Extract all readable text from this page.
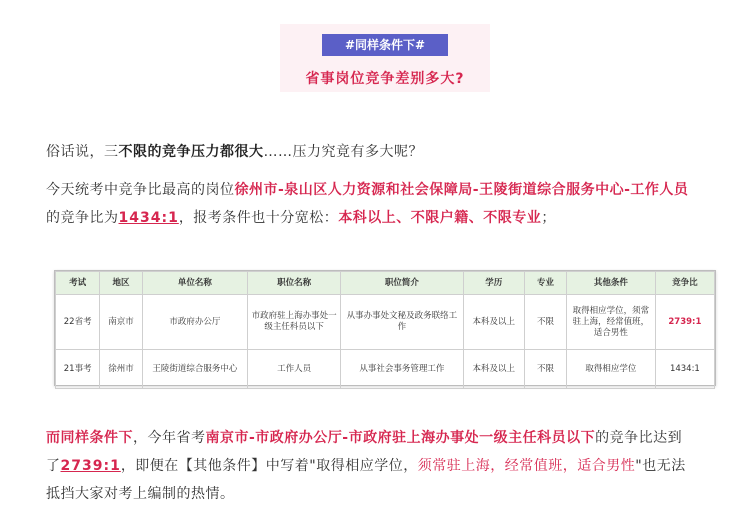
#同样条件下#
省事岗位竞争差别多大?
俗话说，三不限的竞争压力都很大……压力究竟有多大呢？
今天统考中竞争比最高的岗位徐州市-泉山区人力资源和社会保障局-王陵街道综合服务中心-工作人员的竞争比为1434:1，报考条件也十分宽松：本科以上、不限户籍、不限专业；
考试	地区	单位名称	职位名称	职位简介	学历	专业	其他条件	竞争比
22省考	南京市	市政府办公厅	市政府驻上海办事处一级主任科员以下	从事办事处文秘及政务联络工作	本科及以上	不限	取得相应学位，须常驻上海，经常值班，适合男性	2739:1
21事考	徐州市	王陵街道综合服务中心	工作人员	从事社会事务管理工作	本科及以上	不限	取得相应学位	1434:1
而同样条件下，今年省考南京市-市政府办公厅-市政府驻上海办事处一级主任科员以下的竞争比达到了2739:1，即便在【其他条件】中写着"取得相应学位，须常驻上海，经常值班，适合男性"也无法抵挡大家对考上编制的热情。
